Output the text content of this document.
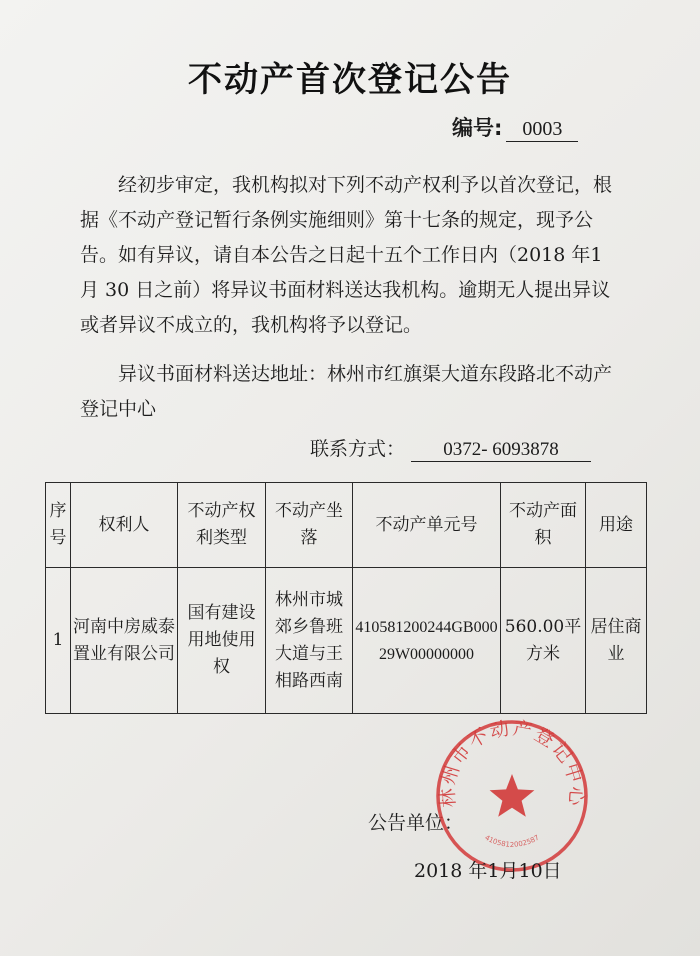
不动产首次登记公告
编号: 0003
经初步审定，我机构拟对下列不动产权利予以首次登记，根据《不动产登记暂行条例实施细则》第十七条的规定，现予公告。如有异议，请自本公告之日起十五个工作日内（2018 年1 月 30 日之前）将异议书面材料送达我机构。逾期无人提出异议或者异议不成立的，我机构将予以登记。
异议书面材料送达地址：林州市红旗渠大道东段路北不动产登记中心
联系方式： 0372- 6093878
序号	权利人	不动产权利类型	不动产坐落	不动产单元号	不动产面积	用途
1	河南中房威泰置业有限公司	国有建设用地使用权	林州市城郊乡鲁班大道与王相路西南	410581200244GB00029W00000000	560.00平方米	居住商业
公告单位：
林州市不动产登记中心
4105812002587
2018 年1月10日
